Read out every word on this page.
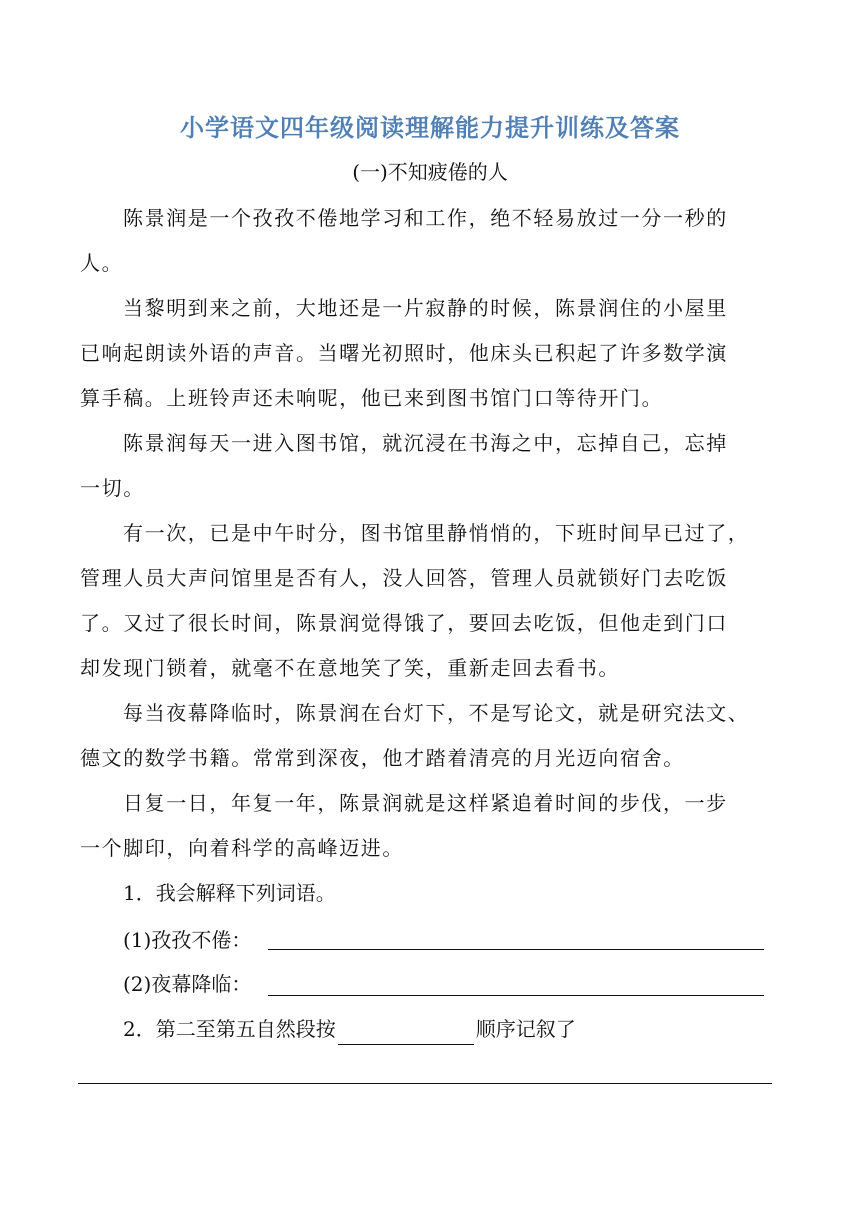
小学语文四年级阅读理解能力提升训练及答案
(一)不知疲倦的人
陈景润是一个孜孜不倦地学习和工作，绝不轻易放过一分一秒的
人。
当黎明到来之前，大地还是一片寂静的时候，陈景润住的小屋里
已响起朗读外语的声音。当曙光初照时，他床头已积起了许多数学演
算手稿。上班铃声还未响呢，他已来到图书馆门口等待开门。
陈景润每天一进入图书馆，就沉浸在书海之中，忘掉自己，忘掉
一切。
有一次，已是中午时分，图书馆里静悄悄的，下班时间早已过了，
管理人员大声问馆里是否有人，没人回答，管理人员就锁好门去吃饭
了。又过了很长时间，陈景润觉得饿了，要回去吃饭，但他走到门口
却发现门锁着，就毫不在意地笑了笑，重新走回去看书。
每当夜幕降临时，陈景润在台灯下，不是写论文，就是研究法文、
德文的数学书籍。常常到深夜，他才踏着清亮的月光迈向宿舍。
日复一日，年复一年，陈景润就是这样紧追着时间的步伐，一步
一个脚印，向着科学的高峰迈进。
1．我会解释下列词语。
(1)孜孜不倦：
(2)夜幕降临：
2．第二至第五自然段按	顺序记叙了
